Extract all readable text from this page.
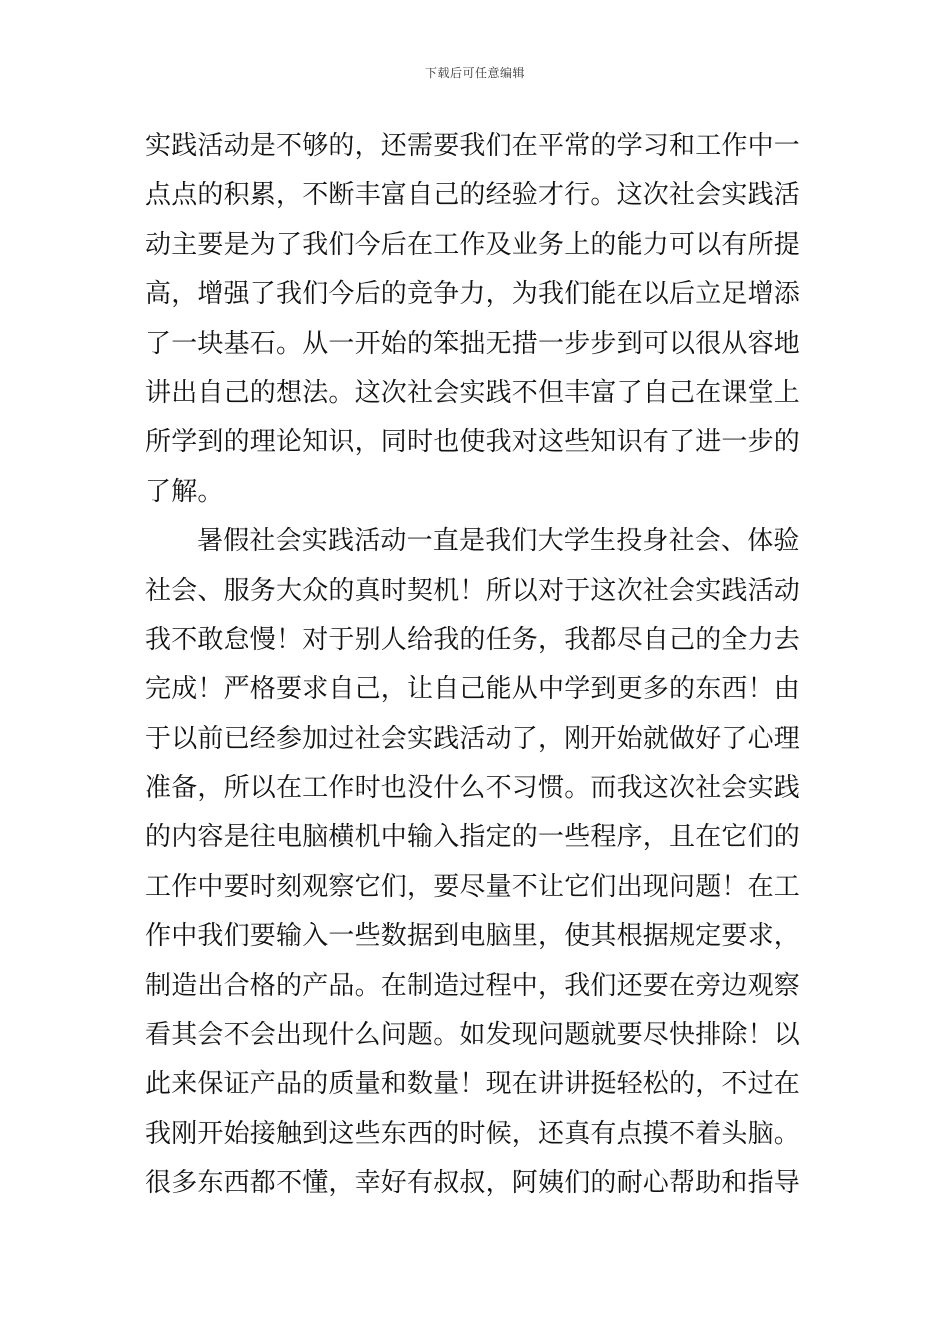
下载后可任意编辑
实践活动是不够的，还需要我们在平常的学习和工作中一
点点的积累，不断丰富自己的经验才行。这次社会实践活
动主要是为了我们今后在工作及业务上的能力可以有所提
高，增强了我们今后的竞争力，为我们能在以后立足增添
了一块基石。从一开始的笨拙无措一步步到可以很从容地
讲出自己的想法。这次社会实践不但丰富了自己在课堂上
所学到的理论知识，同时也使我对这些知识有了进一步的
了解。
暑假社会实践活动一直是我们大学生投身社会、体验
社会、服务大众的真时契机！所以对于这次社会实践活动
我不敢怠慢！对于别人给我的任务，我都尽自己的全力去
完成！严格要求自己，让自己能从中学到更多的东西！由
于以前已经参加过社会实践活动了，刚开始就做好了心理
准备，所以在工作时也没什么不习惯。而我这次社会实践
的内容是往电脑横机中输入指定的一些程序，且在它们的
工作中要时刻观察它们，要尽量不让它们出现问题！在工
作中我们要输入一些数据到电脑里，使其根据规定要求，
制造出合格的产品。在制造过程中，我们还要在旁边观察
看其会不会出现什么问题。如发现问题就要尽快排除！以
此来保证产品的质量和数量！现在讲讲挺轻松的，不过在
我刚开始接触到这些东西的时候，还真有点摸不着头脑。
很多东西都不懂，幸好有叔叔，阿姨们的耐心帮助和指导
